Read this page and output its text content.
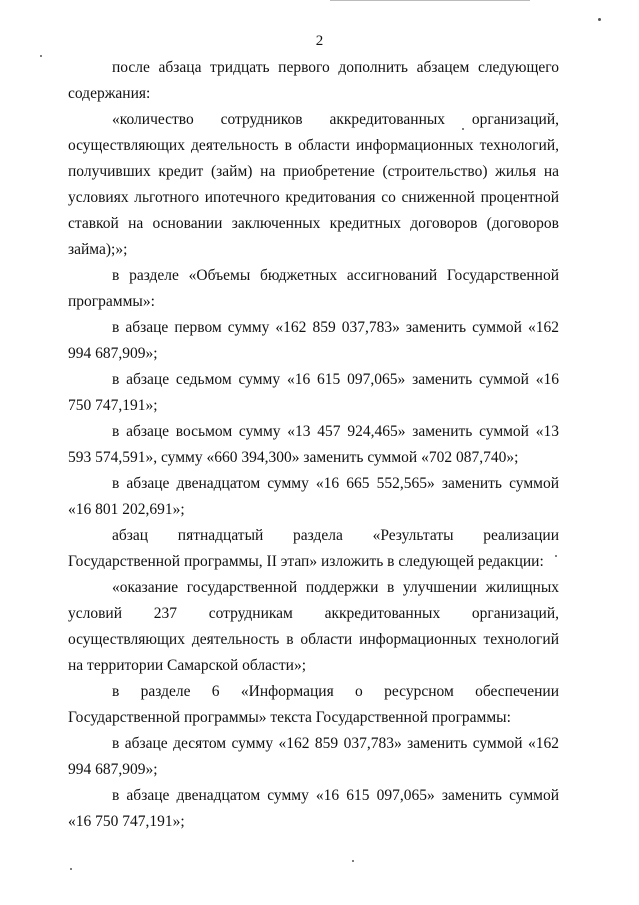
2

после абзаца тридцать первого дополнить абзацем следующего содержания:

«количество сотрудников аккредитованных организаций, осуществляющих деятельность в области информационных технологий, получивших кредит (займ) на приобретение (строительство) жилья на условиях льготного ипотечного кредитования со сниженной процентной ставкой на основании заключенных кредитных договоров (договоров займа);»;

в разделе «Объемы бюджетных ассигнований Государственной программы»:

в абзаце первом сумму «162 859 037,783» заменить суммой «162 994 687,909»;

в абзаце седьмом сумму «16 615 097,065» заменить суммой «16 750 747,191»;

в абзаце восьмом сумму «13 457 924,465» заменить суммой «13 593 574,591», сумму «660 394,300» заменить суммой «702 087,740»;

в абзаце двенадцатом сумму «16 665 552,565» заменить суммой «16 801 202,691»;

абзац пятнадцатый раздела «Результаты реализации Государственной программы, II этап» изложить в следующей редакции:

«оказание государственной поддержки в улучшении жилищных условий 237 сотрудникам аккредитованных организаций, осуществляющих деятельность в области информационных технологий на территории Самарской области»;

в разделе 6 «Информация о ресурсном обеспечении Государственной программы» текста Государственной программы:

в абзаце десятом сумму «162 859 037,783» заменить суммой «162 994 687,909»;

в абзаце двенадцатом сумму «16 615 097,065» заменить суммой «16 750 747,191»;
